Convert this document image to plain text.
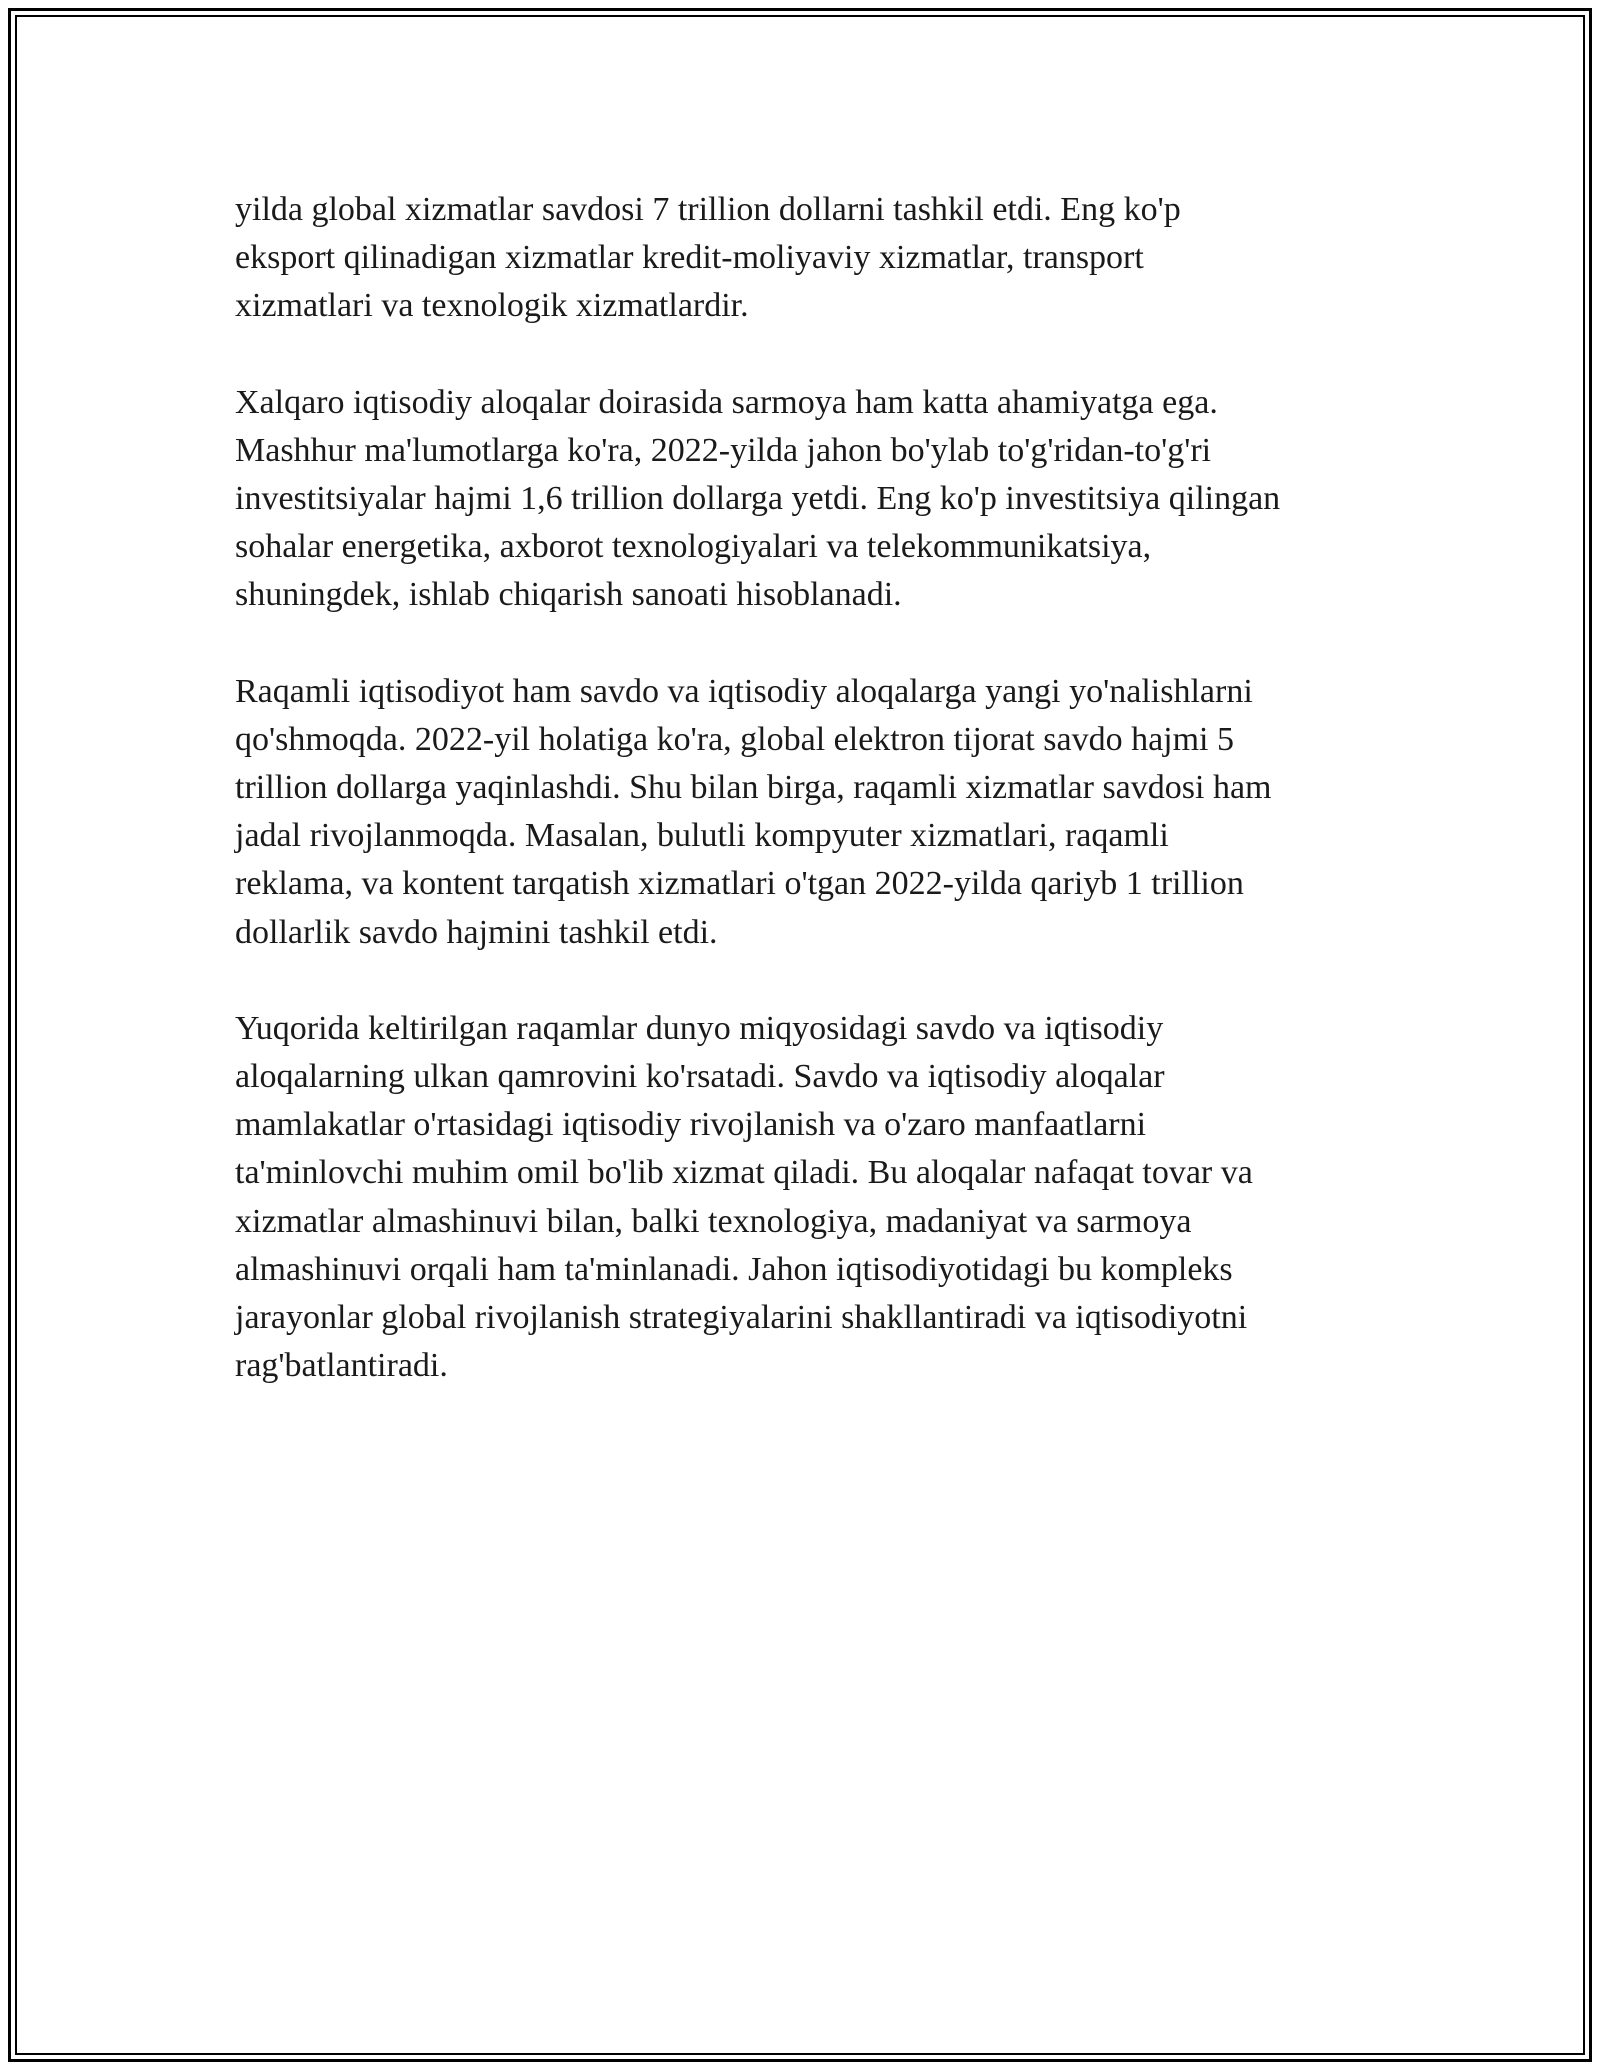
yilda global xizmatlar savdosi 7 trillion dollarni tashkil etdi. Eng ko'p
eksport qilinadigan xizmatlar kredit-moliyaviy xizmatlar, transport
xizmatlari va texnologik xizmatlardir.

Xalqaro iqtisodiy aloqalar doirasida sarmoya ham katta ahamiyatga ega.
Mashhur ma'lumotlarga ko'ra, 2022-yilda jahon bo'ylab to'g'ridan-to'g'ri
investitsiyalar hajmi 1,6 trillion dollarga yetdi. Eng ko'p investitsiya qilingan
sohalar energetika, axborot texnologiyalari va telekommunikatsiya,
shuningdek, ishlab chiqarish sanoati hisoblanadi.

Raqamli iqtisodiyot ham savdo va iqtisodiy aloqalarga yangi yo'nalishlarni
qo'shmoqda. 2022-yil holatiga ko'ra, global elektron tijorat savdo hajmi 5
trillion dollarga yaqinlashdi. Shu bilan birga, raqamli xizmatlar savdosi ham
jadal rivojlanmoqda. Masalan, bulutli kompyuter xizmatlari, raqamli
reklama, va kontent tarqatish xizmatlari o'tgan 2022-yilda qariyb 1 trillion
dollarlik savdo hajmini tashkil etdi.

Yuqorida keltirilgan raqamlar dunyo miqyosidagi savdo va iqtisodiy
aloqalarning ulkan qamrovini ko'rsatadi. Savdo va iqtisodiy aloqalar
mamlakatlar o'rtasidagi iqtisodiy rivojlanish va o'zaro manfaatlarni
ta'minlovchi muhim omil bo'lib xizmat qiladi. Bu aloqalar nafaqat tovar va
xizmatlar almashinuvi bilan, balki texnologiya, madaniyat va sarmoya
almashinuvi orqali ham ta'minlanadi. Jahon iqtisodiyotidagi bu kompleks
jarayonlar global rivojlanish strategiyalarini shakllantiradi va iqtisodiyotni
rag'batlantiradi.
